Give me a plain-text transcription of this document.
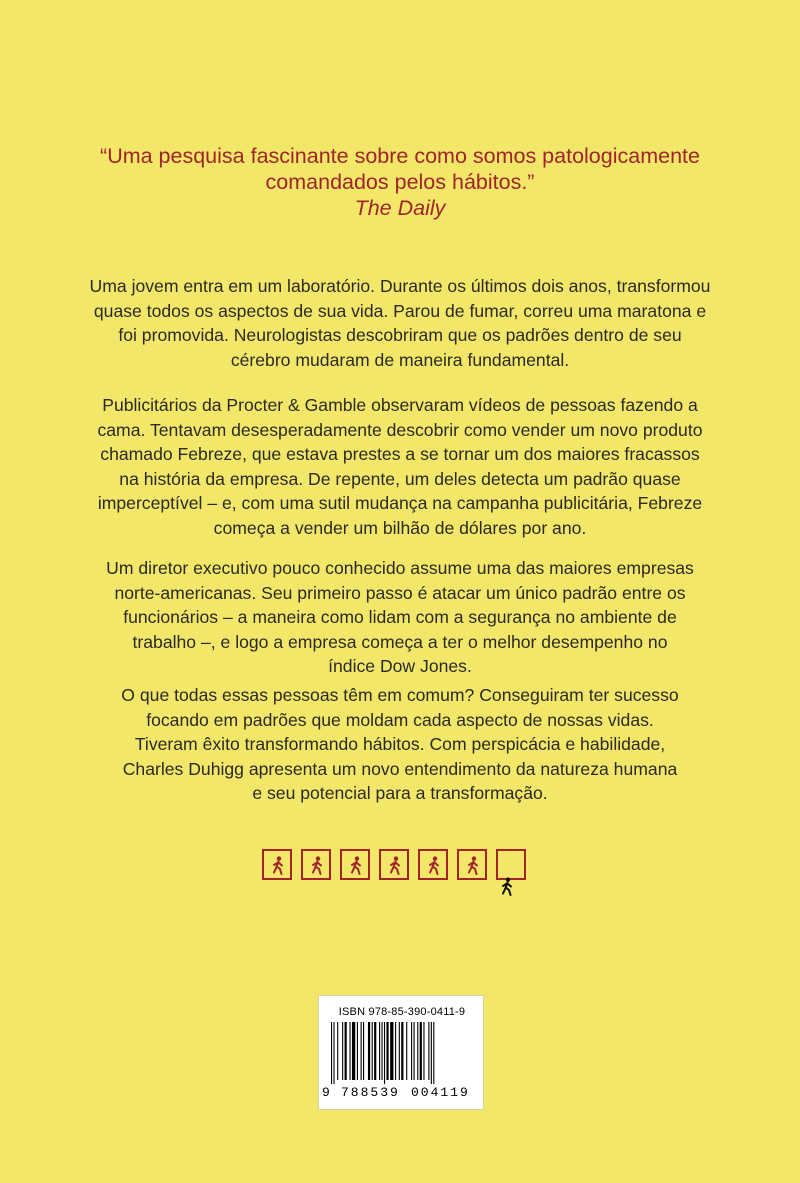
“Uma pesquisa fascinante sobre como somos patologicamente
comandados pelos hábitos.”
The Daily
Uma jovem entra em um laboratório. Durante os últimos dois anos, transformou
quase todos os aspectos de sua vida. Parou de fumar, correu uma maratona e
foi promovida. Neurologistas descobriram que os padrões dentro de seu
cérebro mudaram de maneira fundamental.
Publicitários da Procter & Gamble observaram vídeos de pessoas fazendo a
cama. Tentavam desesperadamente descobrir como vender um novo produto
chamado Febreze, que estava prestes a se tornar um dos maiores fracassos
na história da empresa. De repente, um deles detecta um padrão quase
imperceptível – e, com uma sutil mudança na campanha publicitária, Febreze
começa a vender um bilhão de dólares por ano.
Um diretor executivo pouco conhecido assume uma das maiores empresas
norte-americanas. Seu primeiro passo é atacar um único padrão entre os
funcionários – a maneira como lidam com a segurança no ambiente de
trabalho –, e logo a empresa começa a ter o melhor desempenho no
índice Dow Jones.
O que todas essas pessoas têm em comum? Conseguiram ter sucesso
focando em padrões que moldam cada aspecto de nossas vidas.
Tiveram êxito transformando hábitos. Com perspicácia e habilidade,
Charles Duhigg apresenta um novo entendimento da natureza humana
e seu potencial para a transformação.
ISBN 978-85-390-0411-9
9 788539 004119
